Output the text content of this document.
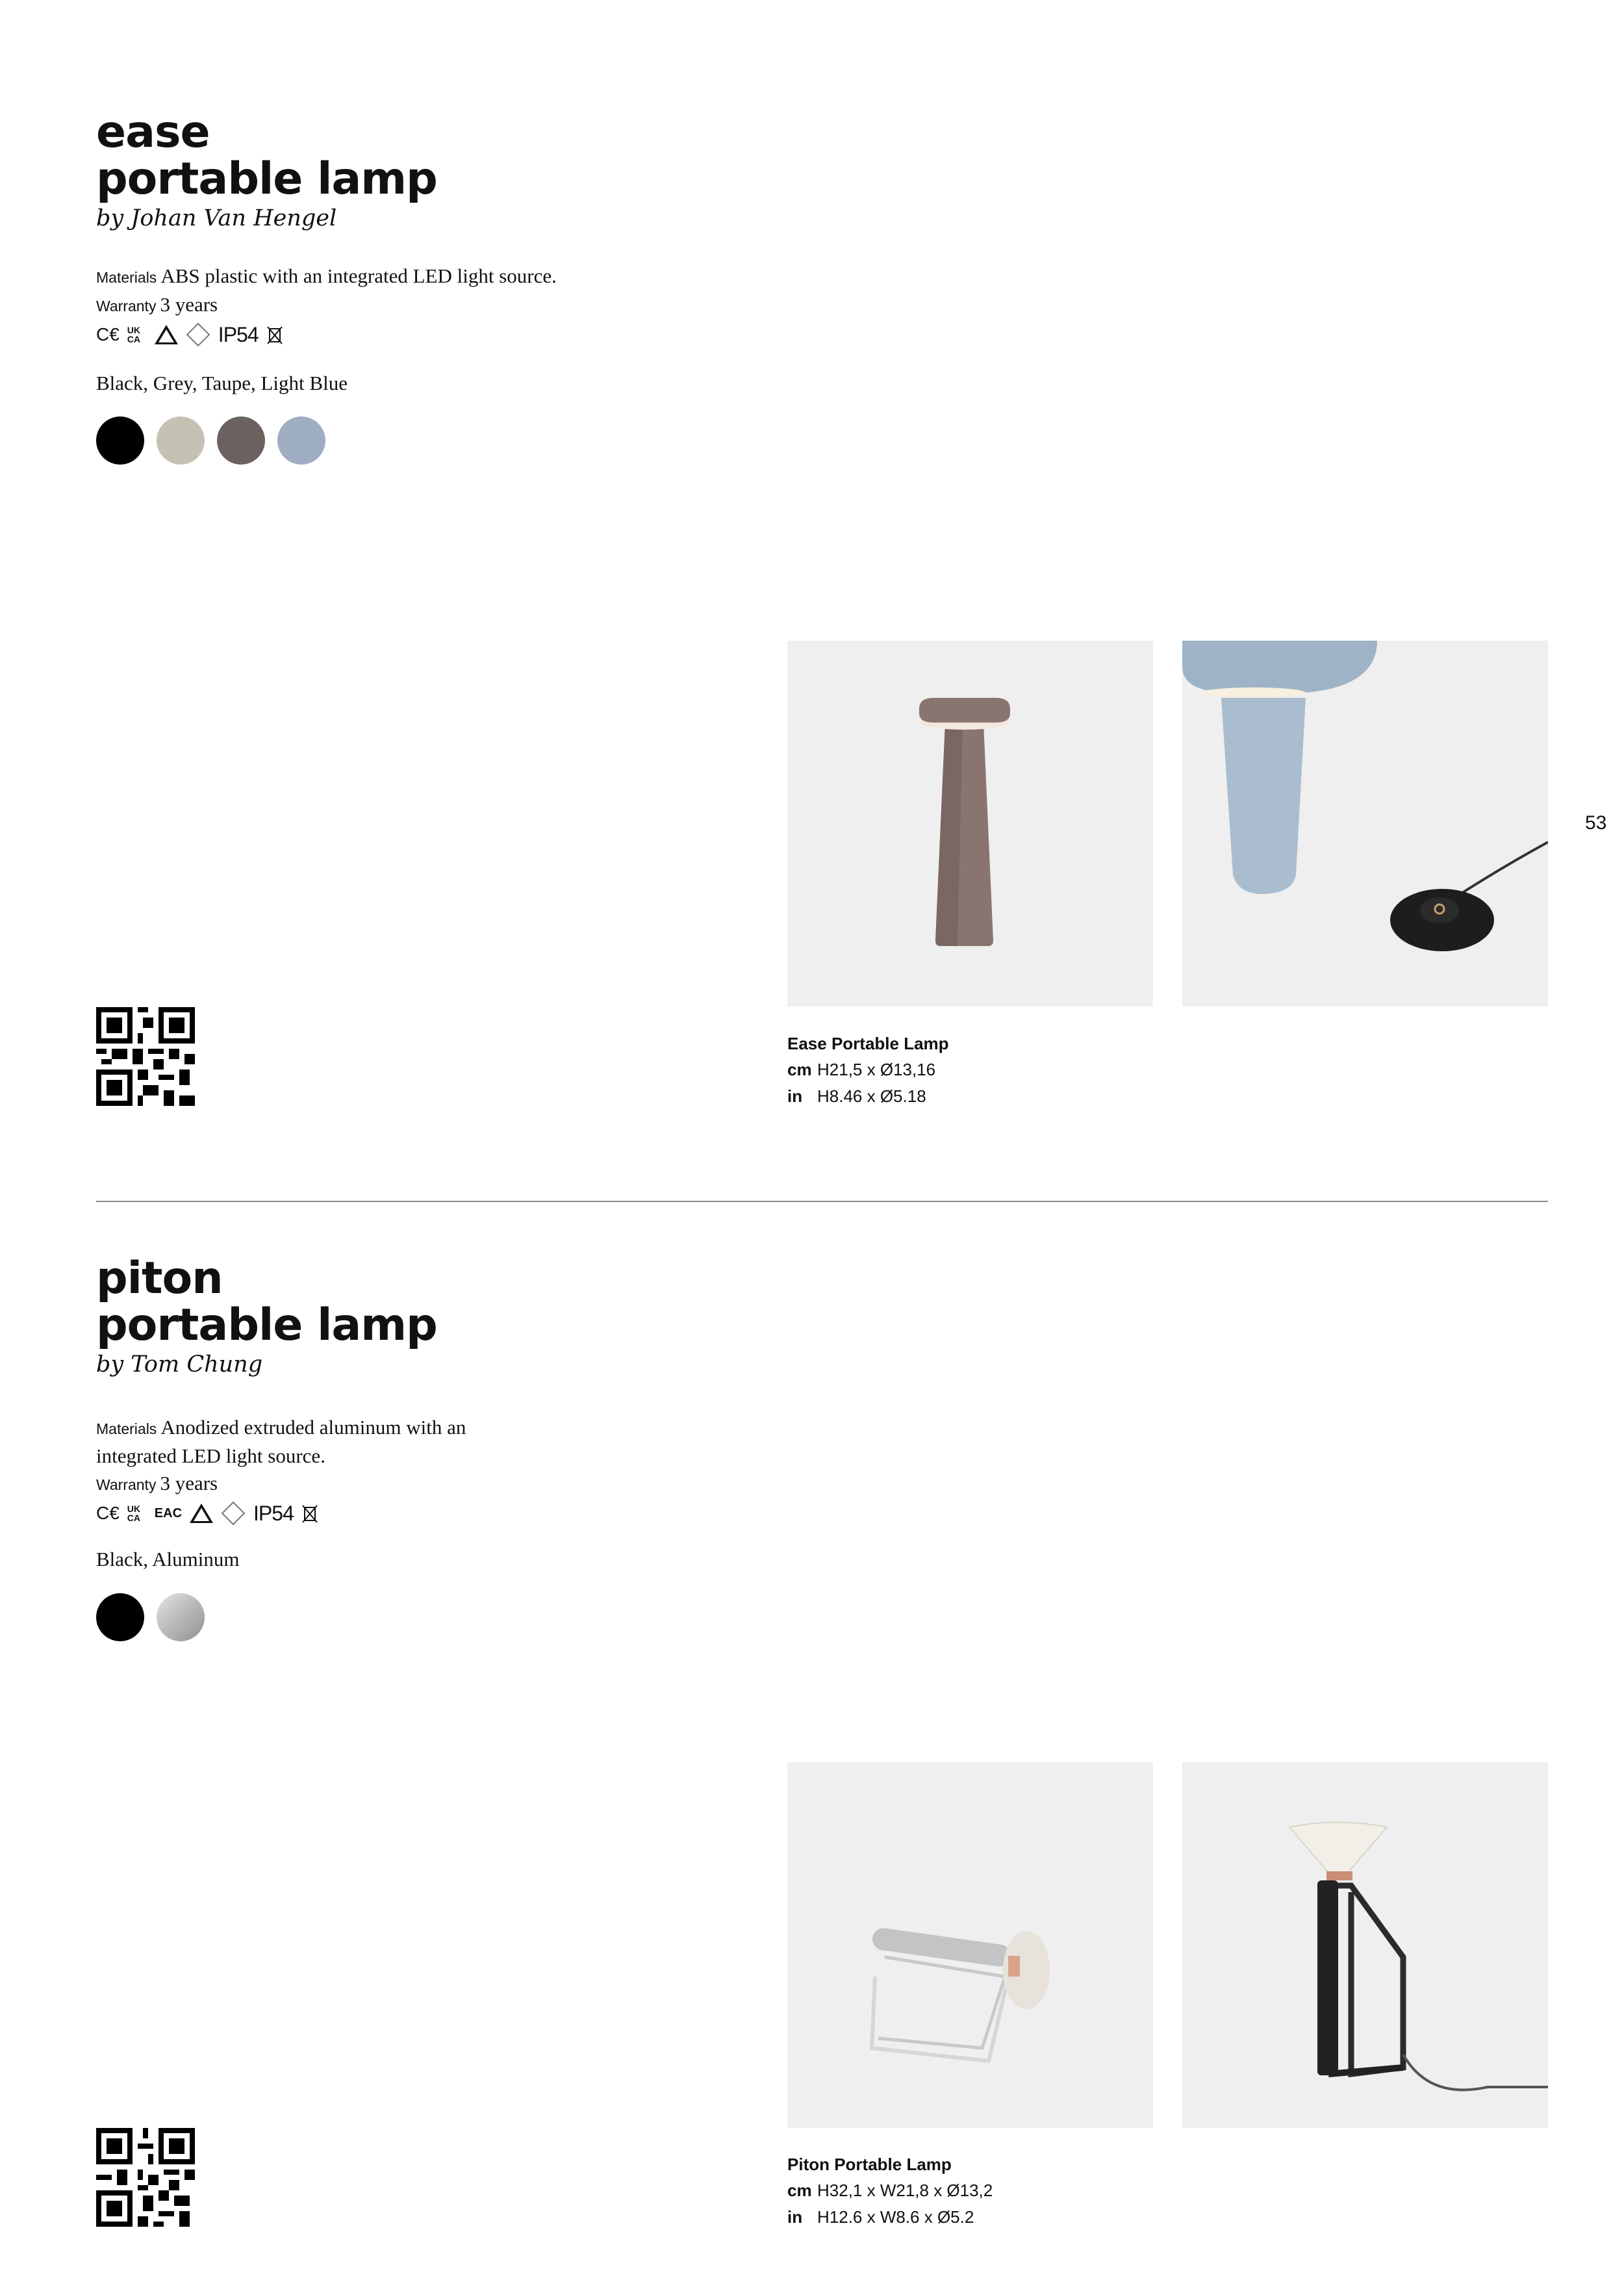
ease
portable lamp
by Johan Van Hengel
Materials ABS plastic with an integrated LED light source.
Warranty 3 years
C€ UK CA	IP54
Black, Grey, Taupe, Light Blue
Ease Portable Lamp
cm H21,5 x Ø13,16
in H8.46 x Ø5.18
53
piton
portable lamp
by Tom Chung
Materials Anodized extruded aluminum with an
integrated LED light source.
Warranty 3 years
C€ UK CA	EAC	IP54
Black, Aluminum
Piton Portable Lamp
cm H32,1 x W21,8 x Ø13,2
in H12.6 x W8.6 x Ø5.2
